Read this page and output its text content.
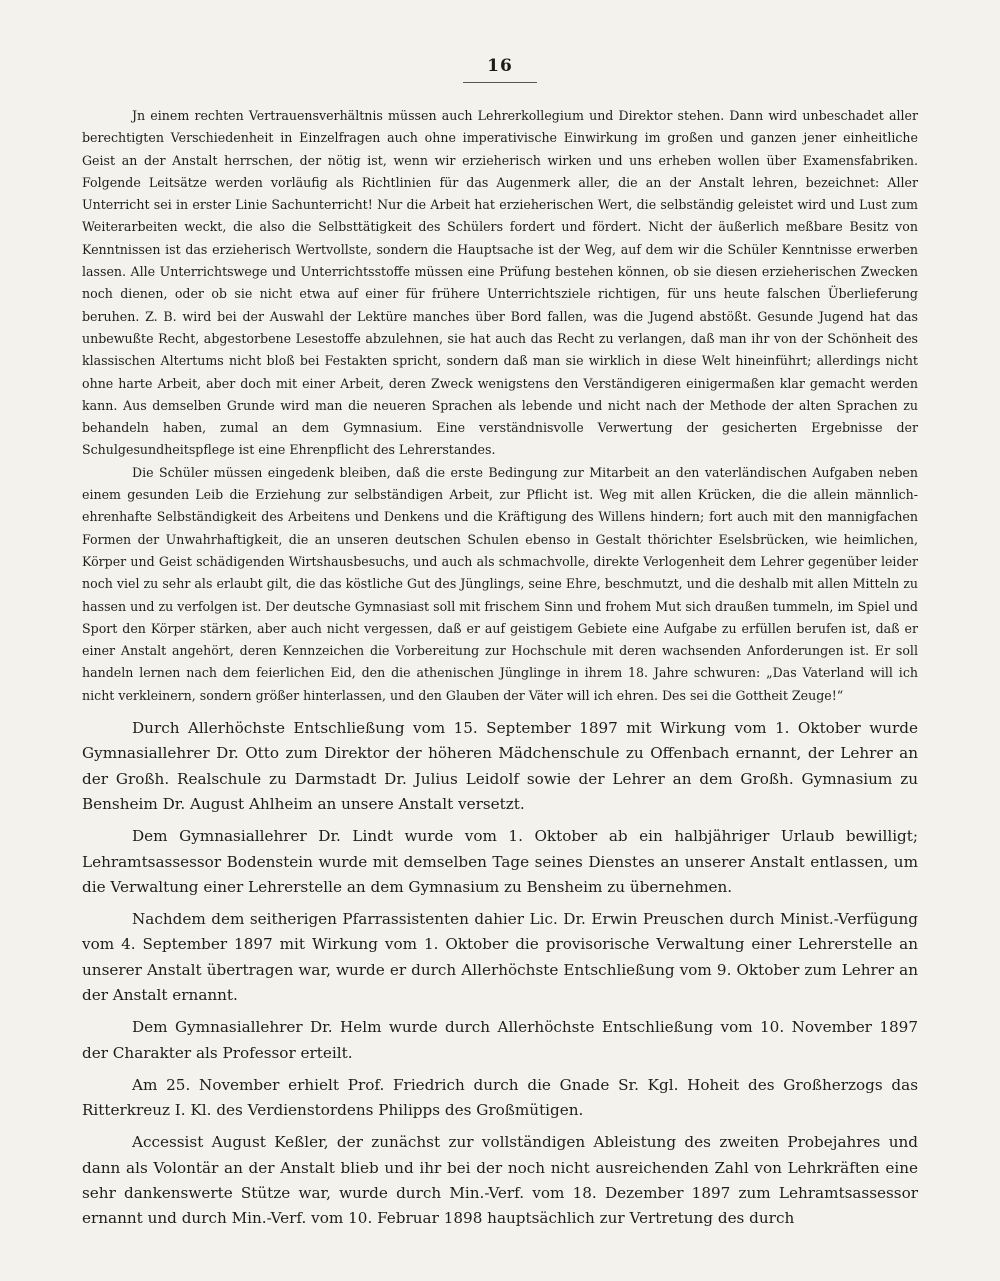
16

Jn einem rechten Vertrauensverhältnis müssen auch Lehrerkollegium und Direktor stehen. Dann wird unbeschadet aller berechtigten Verschiedenheit in Einzelfragen auch ohne imperativische Einwirkung im großen und ganzen jener einheitliche Geist an der Anstalt herrschen, der nötig ist, wenn wir erzieherisch wirken und uns erheben wollen über Examensfabriken. Folgende Leitsätze werden vorläufig als Richtlinien für das Augenmerk aller, die an der Anstalt lehren, bezeichnet: Aller Unterricht sei in erster Linie Sachunterricht! Nur die Arbeit hat erzieherischen Wert, die selbständig geleistet wird und Lust zum Weiterarbeiten weckt, die also die Selbsttätigkeit des Schülers fordert und fördert. Nicht der äußerlich meßbare Besitz von Kenntnissen ist das erzieherisch Wertvollste, sondern die Hauptsache ist der Weg, auf dem wir die Schüler Kenntnisse erwerben lassen. Alle Unterrichtswege und Unterrichtsstoffe müssen eine Prüfung bestehen können, ob sie diesen erzieherischen Zwecken noch dienen, oder ob sie nicht etwa auf einer für frühere Unterrichtsziele richtigen, für uns heute falschen Überlieferung beruhen. Z. B. wird bei der Auswahl der Lektüre manches über Bord fallen, was die Jugend abstößt. Gesunde Jugend hat das unbewußte Recht, abgestorbene Lesestoffe abzulehnen, sie hat auch das Recht zu verlangen, daß man ihr von der Schönheit des klassischen Altertums nicht bloß bei Festakten spricht, sondern daß man sie wirklich in diese Welt hineinführt; allerdings nicht ohne harte Arbeit, aber doch mit einer Arbeit, deren Zweck wenigstens den Verständigeren einigermaßen klar gemacht werden kann. Aus demselben Grunde wird man die neueren Sprachen als lebende und nicht nach der Methode der alten Sprachen zu behandeln haben, zumal an dem Gymnasium. Eine verständnisvolle Verwertung der gesicherten Ergebnisse der Schulgesundheitspflege ist eine Ehrenpflicht des Lehrerstandes.

Die Schüler müssen eingedenk bleiben, daß die erste Bedingung zur Mitarbeit an den vaterländischen Aufgaben neben einem gesunden Leib die Erziehung zur selbständigen Arbeit, zur Pflicht ist. Weg mit allen Krücken, die die allein männlich-ehrenhafte Selbständigkeit des Arbeitens und Denkens und die Kräftigung des Willens hindern; fort auch mit den mannigfachen Formen der Unwahrhaftigkeit, die an unseren deutschen Schulen ebenso in Gestalt thörichter Eselsbrücken, wie heimlichen, Körper und Geist schädigenden Wirtshausbesuchs, und auch als schmachvolle, direkte Verlogenheit dem Lehrer gegenüber leider noch viel zu sehr als erlaubt gilt, die das köstliche Gut des Jünglings, seine Ehre, beschmutzt, und die deshalb mit allen Mitteln zu hassen und zu verfolgen ist. Der deutsche Gymnasiast soll mit frischem Sinn und frohem Mut sich draußen tummeln, im Spiel und Sport den Körper stärken, aber auch nicht vergessen, daß er auf geistigem Gebiete eine Aufgabe zu erfüllen berufen ist, daß er einer Anstalt angehört, deren Kennzeichen die Vorbereitung zur Hochschule mit deren wachsenden Anforderungen ist. Er soll handeln lernen nach dem feierlichen Eid, den die athenischen Jünglinge in ihrem 18. Jahre schwuren: „Das Vaterland will ich nicht verkleinern, sondern größer hinterlassen, und den Glauben der Väter will ich ehren. Des sei die Gottheit Zeuge!“

Durch Allerhöchste Entschließung vom 15. September 1897 mit Wirkung vom 1. Oktober wurde Gymnasiallehrer Dr. Otto zum Direktor der höheren Mädchenschule zu Offenbach ernannt, der Lehrer an der Großh. Realschule zu Darmstadt Dr. Julius Leidolf sowie der Lehrer an dem Großh. Gymnasium zu Bensheim Dr. August Ahlheim an unsere Anstalt versetzt.

Dem Gymnasiallehrer Dr. Lindt wurde vom 1. Oktober ab ein halbjähriger Urlaub bewilligt; Lehramtsassessor Bodenstein wurde mit demselben Tage seines Dienstes an unserer Anstalt entlassen, um die Verwaltung einer Lehrerstelle an dem Gymnasium zu Bensheim zu übernehmen.

Nachdem dem seitherigen Pfarrassistenten dahier Lic. Dr. Erwin Preuschen durch Minist.-Verfügung vom 4. September 1897 mit Wirkung vom 1. Oktober die provisorische Verwaltung einer Lehrerstelle an unserer Anstalt übertragen war, wurde er durch Allerhöchste Entschließung vom 9. Oktober zum Lehrer an der Anstalt ernannt.

Dem Gymnasiallehrer Dr. Helm wurde durch Allerhöchste Entschließung vom 10. November 1897 der Charakter als Professor erteilt.

Am 25. November erhielt Prof. Friedrich durch die Gnade Sr. Kgl. Hoheit des Großherzogs das Ritterkreuz I. Kl. des Verdienstordens Philipps des Großmütigen.

Accessist August Keßler, der zunächst zur vollständigen Ableistung des zweiten Probejahres und dann als Volontär an der Anstalt blieb und ihr bei der noch nicht ausreichenden Zahl von Lehrkräften eine sehr dankenswerte Stütze war, wurde durch Min.-Verf. vom 18. Dezember 1897 zum Lehramtsassessor ernannt und durch Min.-Verf. vom 10. Februar 1898 hauptsächlich zur Vertretung des durch
